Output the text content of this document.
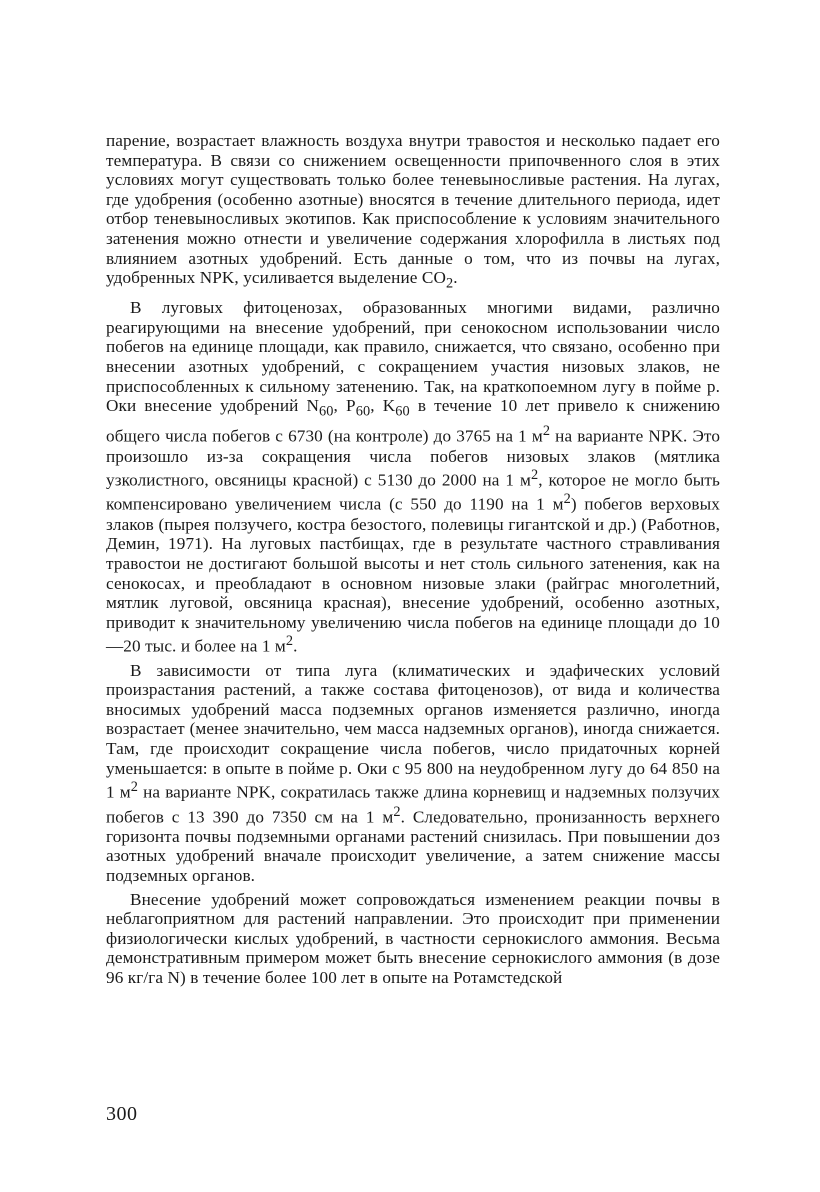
парение, возрастает влажность воздуха внутри травостоя и несколько падает его температура. В связи со снижением освещенности припочвенного слоя в этих условиях могут существовать только более теневыносливые растения. На лугах, где удобрения (особенно азотные) вносятся в течение длительного периода, идет отбор теневыносливых экотипов. Как приспособление к условиям значительного затенения можно отнести и увеличение содержания хлорофилла в листьях под влиянием азотных удобрений. Есть данные о том, что из почвы на лугах, удобренных NPK, усиливается выделение $CO_2$.

В луговых фитоценозах, образованных многими видами, различно реагирующими на внесение удобрений, при сенокосном использовании число побегов на единице площади, как правило, снижается, что связано, особенно при внесении азотных удобрений, с сокращением участия низовых злаков, не приспособленных к сильному затенению. Так, на краткопоемном лугу в пойме р. Оки внесение удобрений $N_{60}$, $P_{60}$, $K_{60}$ в течение 10 лет привело к снижению общего числа побегов с 6730 (на контроле) до 3765 на 1 $м^2$ на варианте NPK. Это произошло из-за сокращения числа побегов низовых злаков (мятлика узколистного, овсяницы красной) с 5130 до 2000 на 1 $м^2$, которое не могло быть компенсировано увеличением числа (с 550 до 1190 на 1 $м^2$) побегов верховых злаков (пырея ползучего, костра безостого, полевицы гигантской и др.) (Работнов, Демин, 1971). На луговых пастбищах, где в результате частного стравливания травостои не достигают большой высоты и нет столь сильного затенения, как на сенокосах, и преобладают в основном низовые злаки (райграс многолетний, мятлик луговой, овсяница красная), внесение удобрений, особенно азотных, приводит к значительному увеличению числа побегов на единице площади до 10—20 тыс. и более на 1 $м^2$.

В зависимости от типа луга (климатических и эдафических условий произрастания растений, а также состава фитоценозов), от вида и количества вносимых удобрений масса подземных органов изменяется различно, иногда возрастает (менее значительно, чем масса надземных органов), иногда снижается. Там, где происходит сокращение числа побегов, число придаточных корней уменьшается: в опыте в пойме р. Оки с 95 800 на неудобренном лугу до 64 850 на 1 $м^2$ на варианте NPK, сократилась также длина корневищ и надземных ползучих побегов с 13 390 до 7350 см на 1 $м^2$. Следовательно, пронизанность верхнего горизонта почвы подземными органами растений снизилась. При повышении доз азотных удобрений вначале происходит увеличение, а затем снижение массы подземных органов.

Внесение удобрений может сопровождаться изменением реакции почвы в неблагоприятном для растений направлении. Это происходит при применении физиологически кислых удобрений, в частности сернокислого аммония. Весьма демонстративным примером может быть внесение сернокислого аммония (в дозе 96 кг/га N) в течение более 100 лет в опыте на Ротамстедской

300
